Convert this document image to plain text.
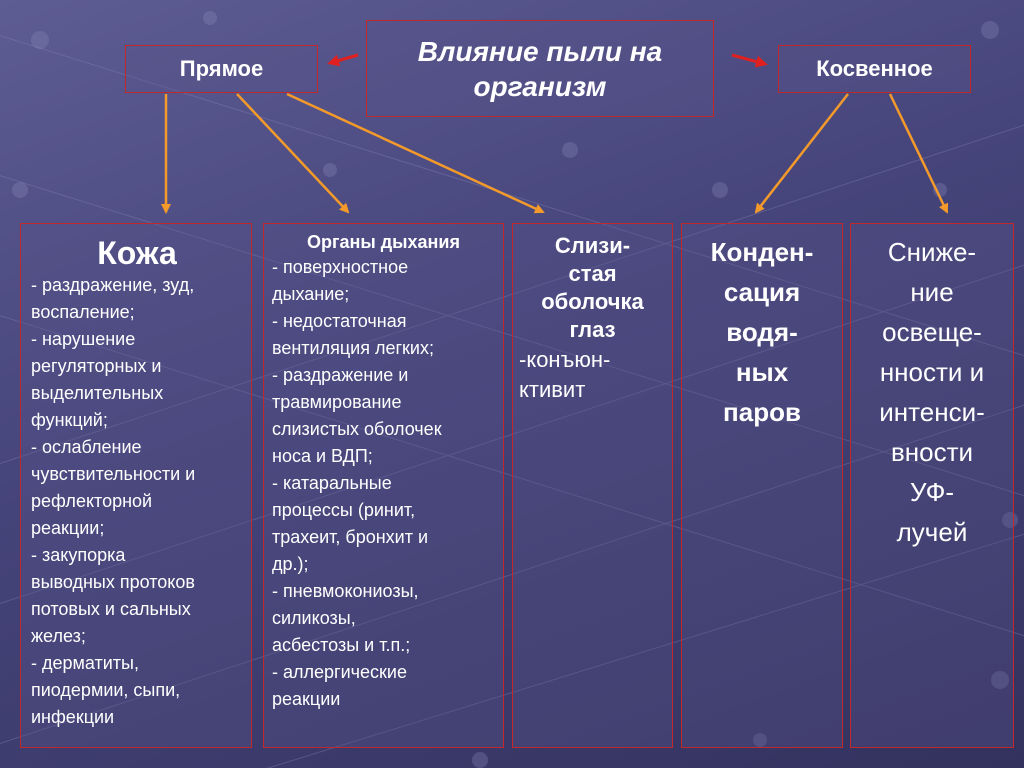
Влияние пыли на организм
Прямое	Косвенное
Кожа
- раздражение, зуд,
воспаление;
- нарушение
регуляторных и
выделительных
функций;
- ослабление
чувствительности и
рефлекторной
реакции;
- закупорка
выводных протоков
потовых и сальных
желез;
- дерматиты,
пиодермии, сыпи,
инфекции
Органы дыхания
- поверхностное
дыхание;
- недостаточная
вентиляция легких;
- раздражение и
травмирование
слизистых оболочек
носа и ВДП;
- катаральные
процессы (ринит,
трахеит, бронхит и
др.);
- пневмокониозы,
силикозы,
асбестозы и т.п.;
- аллергические
реакции
Слизи-
стая
оболочка
глаз
-конъюн-
ктивит
Конден-
сация
водя-
ных
паров
Сниже-
ние
освеще-
нности и
интенси-
вности
УФ-
лучей
